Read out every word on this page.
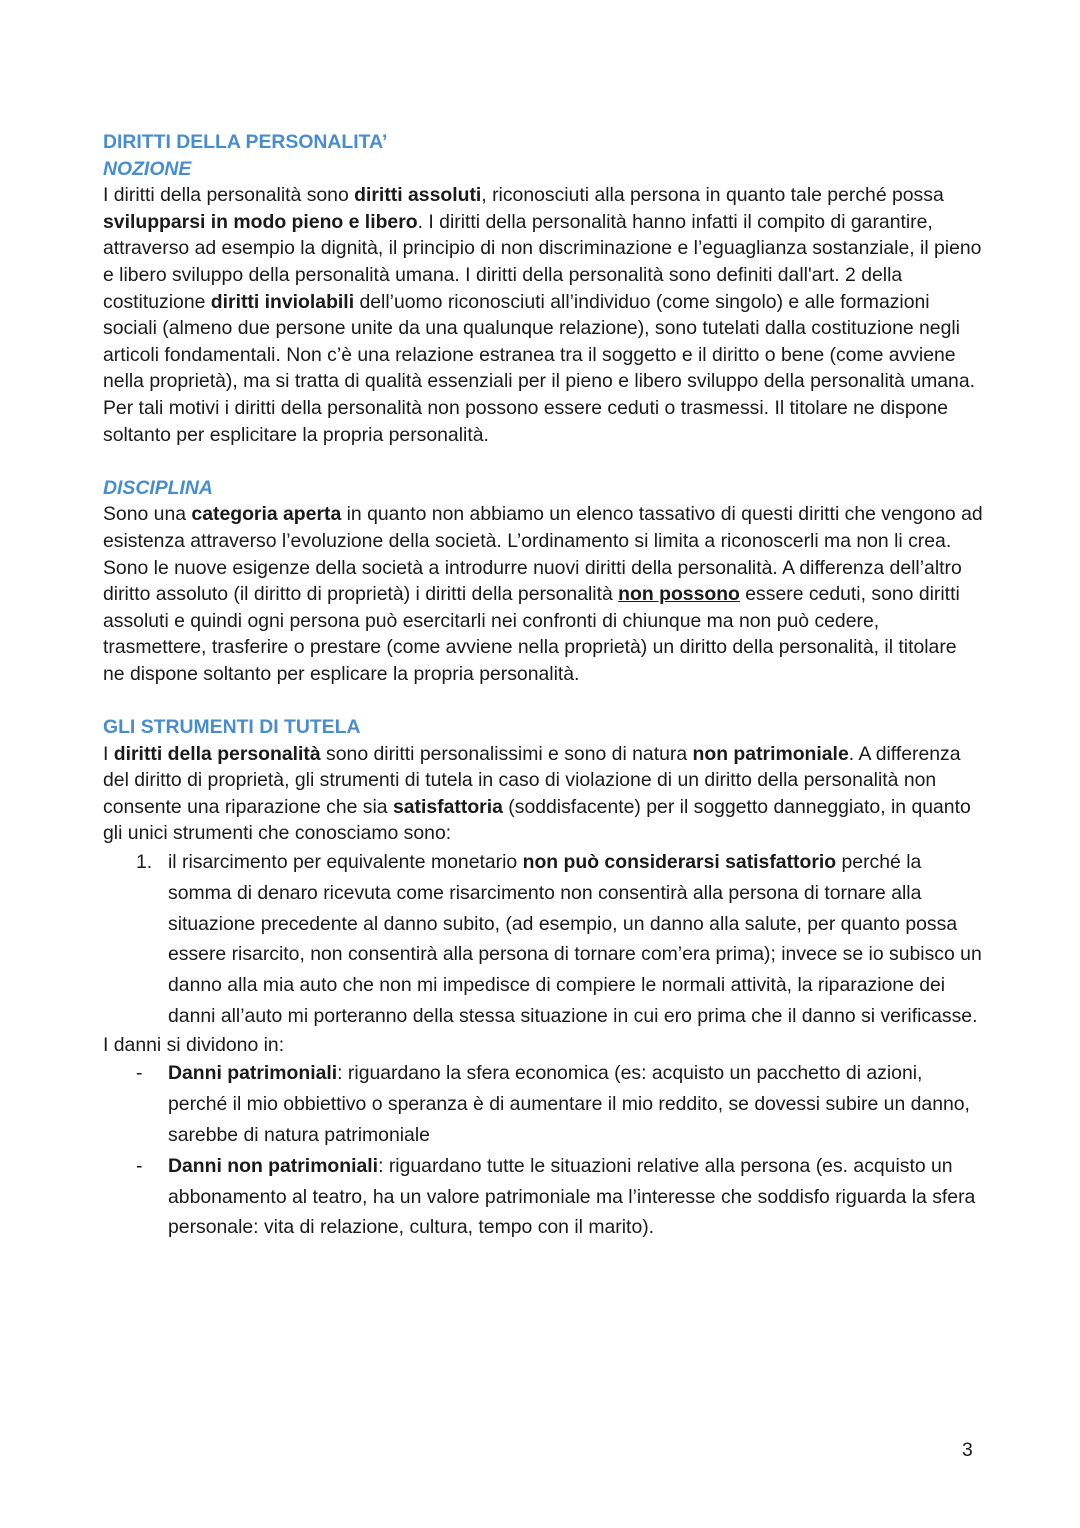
DIRITTI DELLA PERSONALITA’
NOZIONE

I diritti della personalità sono diritti assoluti, riconosciuti alla persona in quanto tale perché possa svilupparsi in modo pieno e libero. I diritti della personalità hanno infatti il compito di garantire, attraverso ad esempio la dignità, il principio di non discriminazione e l’eguaglianza sostanziale, il pieno e libero sviluppo della personalità umana. I diritti della personalità sono definiti dall'art. 2 della costituzione diritti inviolabili dell’uomo riconosciuti all’individuo (come singolo) e alle formazioni sociali (almeno due persone unite da una qualunque relazione), sono tutelati dalla costituzione negli articoli fondamentali. Non c’è una relazione estranea tra il soggetto e il diritto o bene (come avviene nella proprietà), ma si tratta di qualità essenziali per il pieno e libero sviluppo della personalità umana. Per tali motivi i diritti della personalità non possono essere ceduti o trasmessi. Il titolare ne dispone soltanto per esplicitare la propria personalità.

DISCIPLINA

Sono una categoria aperta in quanto non abbiamo un elenco tassativo di questi diritti che vengono ad esistenza attraverso l’evoluzione della società. L’ordinamento si limita a riconoscerli ma non li crea. Sono le nuove esigenze della società a introdurre nuovi diritti della personalità. A differenza dell’altro diritto assoluto (il diritto di proprietà) i diritti della personalità non possono essere ceduti, sono diritti assoluti e quindi ogni persona può esercitarli nei confronti di chiunque ma non può cedere, trasmettere, trasferire o prestare (come avviene nella proprietà) un diritto della personalità, il titolare ne dispone soltanto per esplicare la propria personalità.

GLI STRUMENTI DI TUTELA

I diritti della personalità sono diritti personalissimi e sono di natura non patrimoniale. A differenza del diritto di proprietà, gli strumenti di tutela in caso di violazione di un diritto della personalità non consente una riparazione che sia satisfattoria (soddisfacente) per il soggetto danneggiato, in quanto gli unici strumenti che conosciamo sono:

1. il risarcimento per equivalente monetario non può considerarsi satisfattorio perché la somma di denaro ricevuta come risarcimento non consentirà alla persona di tornare alla situazione precedente al danno subito, (ad esempio, un danno alla salute, per quanto possa essere risarcito, non consentirà alla persona di tornare com’era prima); invece se io subisco un danno alla mia auto che non mi impedisce di compiere le normali attività, la riparazione dei danni all’auto mi porteranno della stessa situazione in cui ero prima che il danno si verificasse.

I danni si dividono in:

- Danni patrimoniali: riguardano la sfera economica (es: acquisto un pacchetto di azioni, perché il mio obbiettivo o speranza è di aumentare il mio reddito, se dovessi subire un danno, sarebbe di natura patrimoniale
- Danni non patrimoniali: riguardano tutte le situazioni relative alla persona (es. acquisto un abbonamento al teatro, ha un valore patrimoniale ma l’interesse che soddisfo riguarda la sfera personale: vita di relazione, cultura, tempo con il marito).
3
